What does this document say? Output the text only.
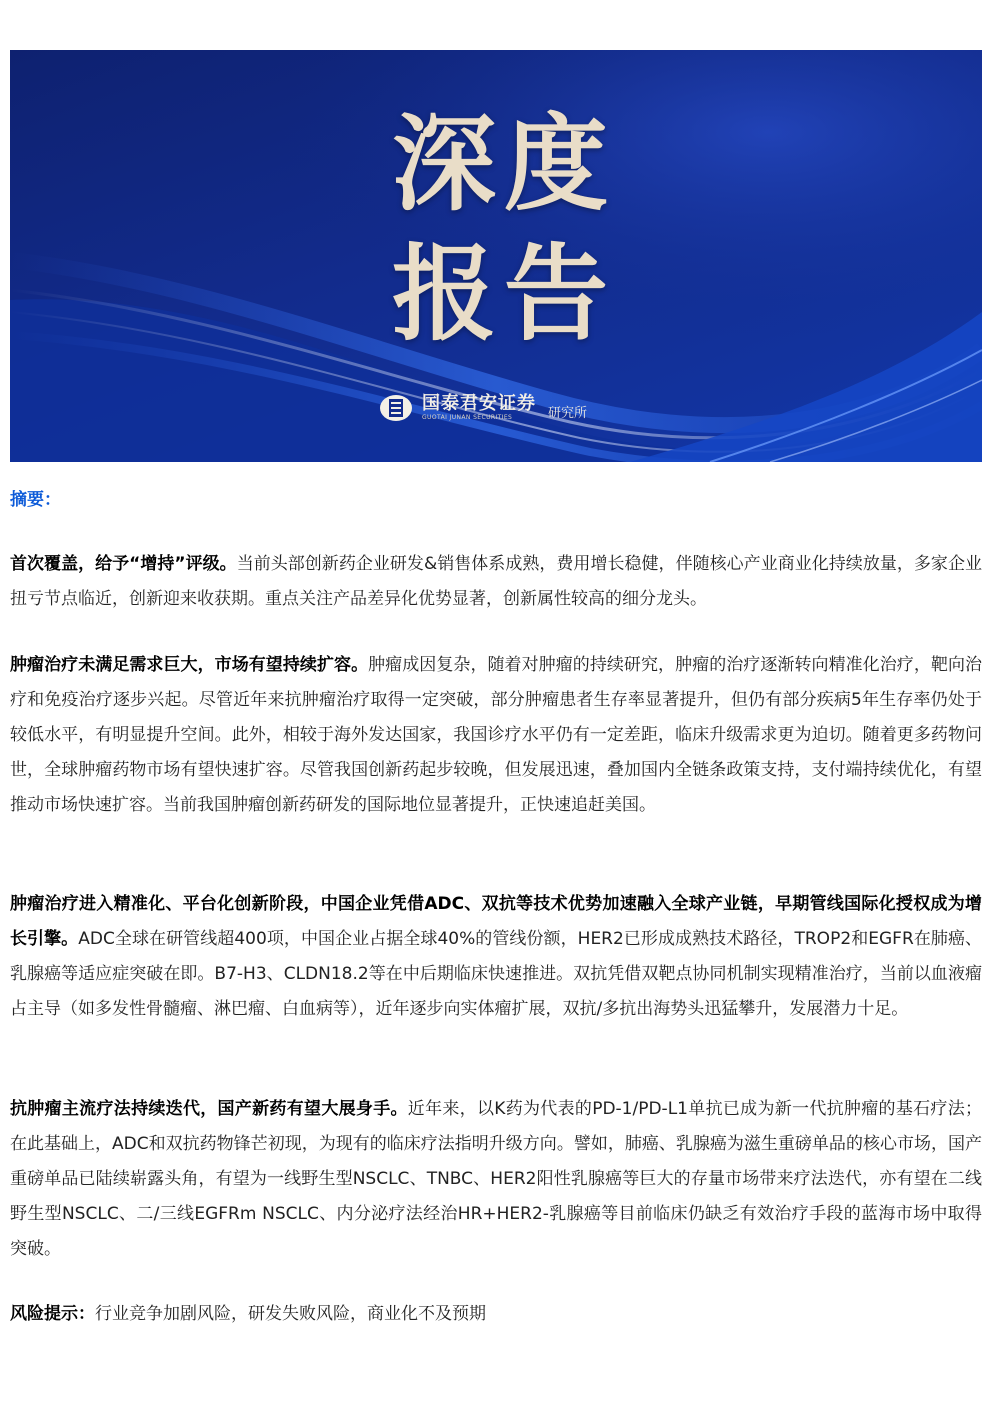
深度
报告
国泰君安证券
GUOTAI JUNAN SECURITIES	研究所
摘要：
首次覆盖，给予“增持”评级。当前头部创新药企业研发&销售体系成熟，费用增长稳健，伴随核心产业商业化持续放量，多家企业扭亏节点临近，创新迎来收获期。重点关注产品差异化优势显著，创新属性较高的细分龙头。
肿瘤治疗未满足需求巨大，市场有望持续扩容。肿瘤成因复杂，随着对肿瘤的持续研究，肿瘤的治疗逐渐转向精准化治疗，靶向治疗和免疫治疗逐步兴起。尽管近年来抗肿瘤治疗取得一定突破，部分肿瘤患者生存率显著提升，但仍有部分疾病5年生存率仍处于较低水平，有明显提升空间。此外，相较于海外发达国家，我国诊疗水平仍有一定差距，临床升级需求更为迫切。随着更多药物问世，全球肿瘤药物市场有望快速扩容。尽管我国创新药起步较晚，但发展迅速，叠加国内全链条政策支持，支付端持续优化，有望推动市场快速扩容。当前我国肿瘤创新药研发的国际地位显著提升，正快速追赶美国。
肿瘤治疗进入精准化、平台化创新阶段，中国企业凭借ADC、双抗等技术优势加速融入全球产业链，早期管线国际化授权成为增长引擎。ADC全球在研管线超400项，中国企业占据全球40%的管线份额，HER2已形成成熟技术路径，TROP2和EGFR在肺癌、乳腺癌等适应症突破在即。B7-H3、CLDN18.2等在中后期临床快速推进。双抗凭借双靶点协同机制实现精准治疗，当前以血液瘤占主导（如多发性骨髓瘤、淋巴瘤、白血病等），近年逐步向实体瘤扩展，双抗/多抗出海势头迅猛攀升，发展潜力十足。
抗肿瘤主流疗法持续迭代，国产新药有望大展身手。近年来，以K药为代表的PD-1/PD-L1单抗已成为新一代抗肿瘤的基石疗法；在此基础上，ADC和双抗药物锋芒初现，为现有的临床疗法指明升级方向。譬如，肺癌、乳腺癌为滋生重磅单品的核心市场，国产重磅单品已陆续崭露头角，有望为一线野生型NSCLC、TNBC、HER2阳性乳腺癌等巨大的存量市场带来疗法迭代，亦有望在二线野生型NSCLC、二/三线EGFRm NSCLC、内分泌疗法经治HR+HER2-乳腺癌等目前临床仍缺乏有效治疗手段的蓝海市场中取得突破。
风险提示：行业竞争加剧风险，研发失败风险，商业化不及预期
